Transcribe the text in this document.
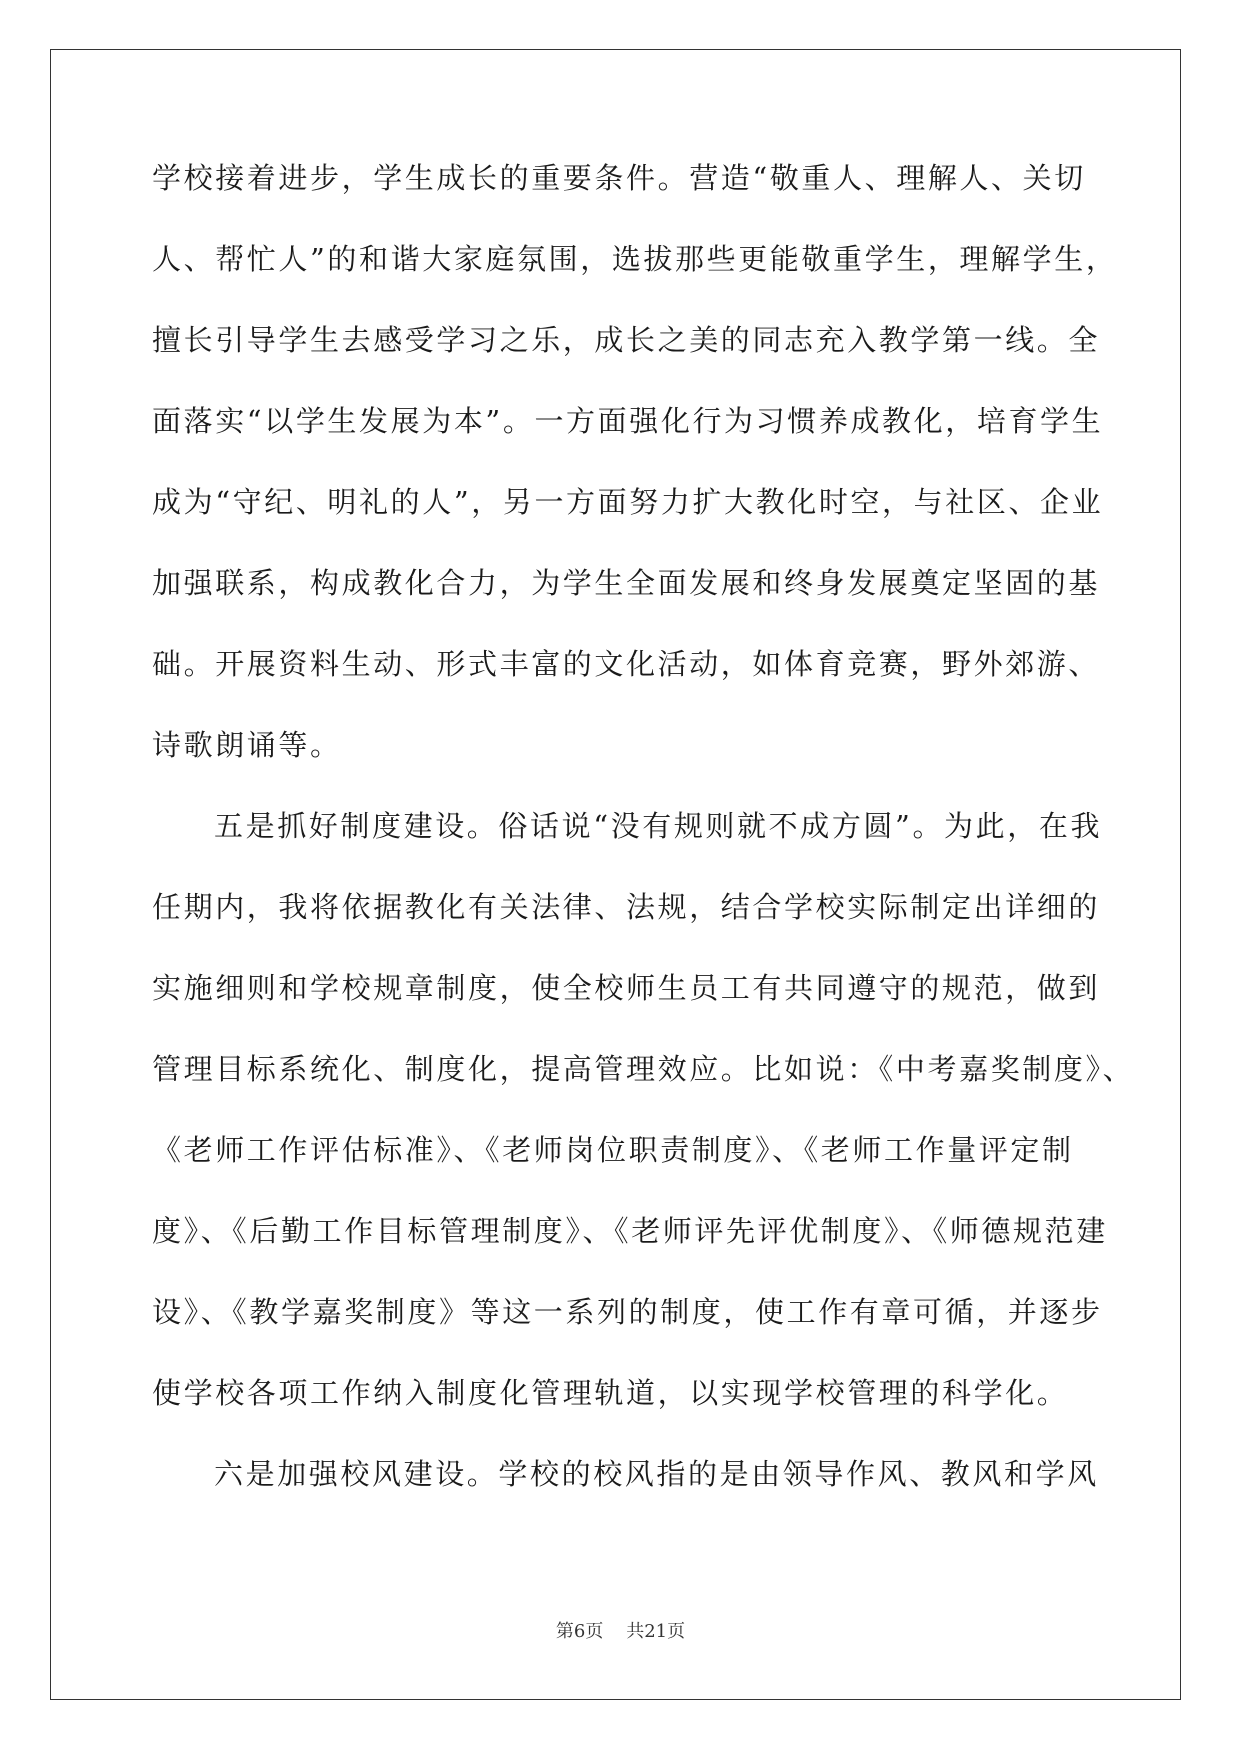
学校接着进步，学生成长的重要条件。营造“敬重人、理解人、关切
人、帮忙人”的和谐大家庭氛围，选拔那些更能敬重学生，理解学生，
擅长引导学生去感受学习之乐，成长之美的同志充入教学第一线。全
面落实“以学生发展为本”。一方面强化行为习惯养成教化，培育学生
成为“守纪、明礼的人”，另一方面努力扩大教化时空，与社区、企业
加强联系，构成教化合力，为学生全面发展和终身发展奠定坚固的基
础。开展资料生动、形式丰富的文化活动，如体育竞赛，野外郊游、
诗歌朗诵等。
五是抓好制度建设。俗话说“没有规则就不成方圆”。为此，在我
任期内，我将依据教化有关法律、法规，结合学校实际制定出详细的
实施细则和学校规章制度，使全校师生员工有共同遵守的规范，做到
管理目标系统化、制度化，提高管理效应。比如说：《中考嘉奖制度》、
《老师工作评估标准》、《老师岗位职责制度》、《老师工作量评定制
度》、《后勤工作目标管理制度》、《老师评先评优制度》、《师德规范建
设》、《教学嘉奖制度》等这一系列的制度，使工作有章可循，并逐步
使学校各项工作纳入制度化管理轨道，以实现学校管理的科学化。
六是加强校风建设。学校的校风指的是由领导作风、教风和学风
第6页 共21页
